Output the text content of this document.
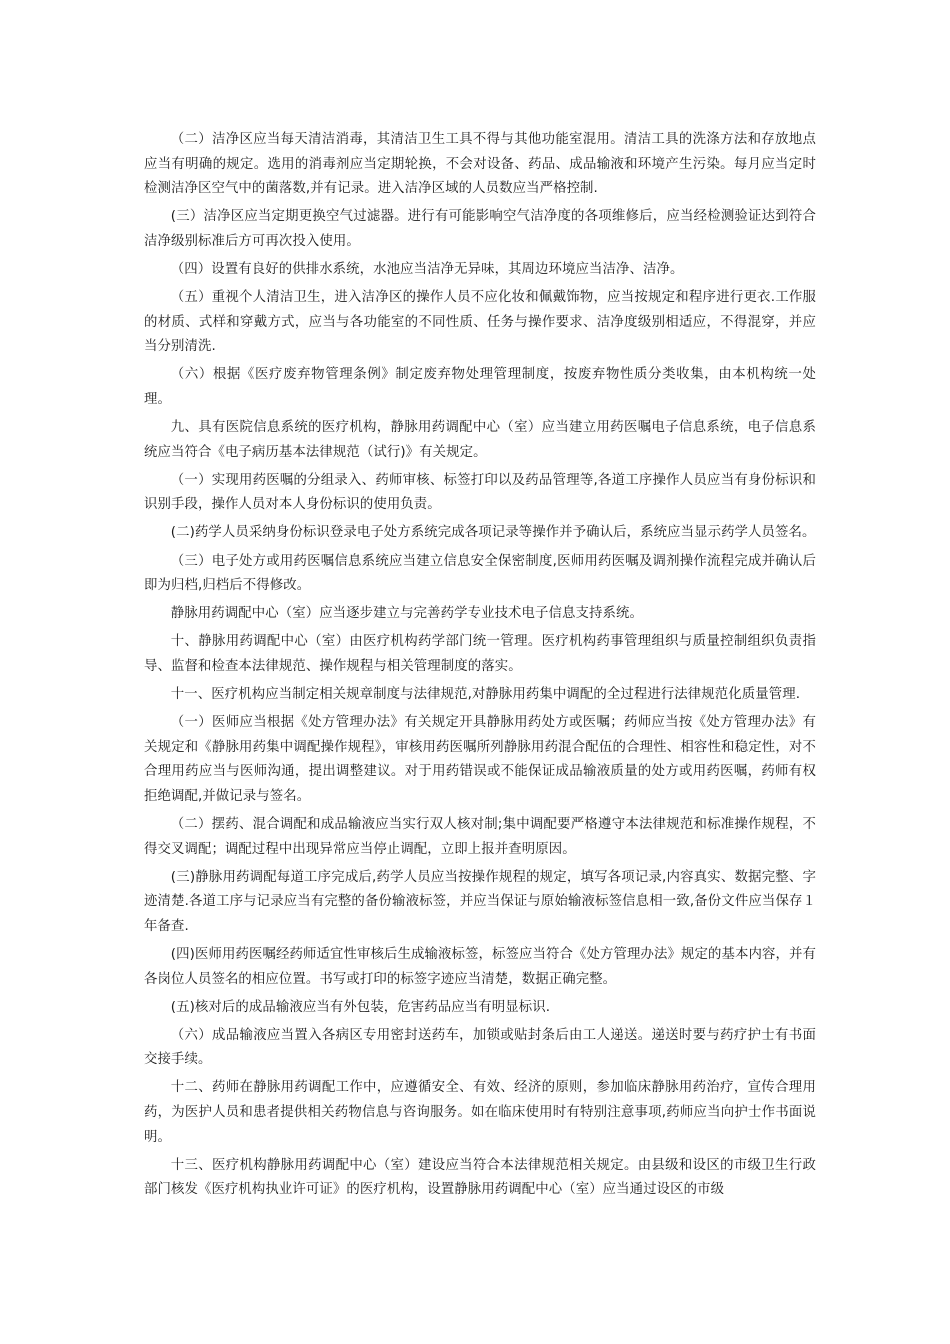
（二）洁净区应当每天清洁消毒，其清洁卫生工具不得与其他功能室混用。清洁工具的洗涤方法和存放地点应当有明确的规定。选用的消毒剂应当定期轮换，不会对设备、药品、成品输液和环境产生污染。每月应当定时检测洁净区空气中的菌落数,并有记录。进入洁净区域的人员数应当严格控制.

(三）洁净区应当定期更换空气过滤器。进行有可能影响空气洁净度的各项维修后，应当经检测验证达到符合洁净级别标准后方可再次投入使用。

（四）设置有良好的供排水系统，水池应当洁净无异味，其周边环境应当洁净、洁净。

（五）重视个人清洁卫生，进入洁净区的操作人员不应化妆和佩戴饰物，应当按规定和程序进行更衣.工作服的材质、式样和穿戴方式，应当与各功能室的不同性质、任务与操作要求、洁净度级别相适应，不得混穿，并应当分别清洗.

（六）根据《医疗废弃物管理条例》制定废弃物处理管理制度，按废弃物性质分类收集，由本机构统一处理。

九、具有医院信息系统的医疗机构，静脉用药调配中心（室）应当建立用药医嘱电子信息系统，电子信息系统应当符合《电子病历基本法律规范（试行)》有关规定。

（一）实现用药医嘱的分组录入、药师审核、标签打印以及药品管理等,各道工序操作人员应当有身份标识和识别手段，操作人员对本人身份标识的使用负责。

(二)药学人员采纳身份标识登录电子处方系统完成各项记录等操作并予确认后，系统应当显示药学人员签名。

（三）电子处方或用药医嘱信息系统应当建立信息安全保密制度,医师用药医嘱及调剂操作流程完成并确认后即为归档,归档后不得修改。

静脉用药调配中心（室）应当逐步建立与完善药学专业技术电子信息支持系统。

十、静脉用药调配中心（室）由医疗机构药学部门统一管理。医疗机构药事管理组织与质量控制组织负责指导、监督和检查本法律规范、操作规程与相关管理制度的落实。

十一、医疗机构应当制定相关规章制度与法律规范,对静脉用药集中调配的全过程进行法律规范化质量管理.

（一）医师应当根据《处方管理办法》有关规定开具静脉用药处方或医嘱；药师应当按《处方管理办法》有关规定和《静脉用药集中调配操作规程》，审核用药医嘱所列静脉用药混合配伍的合理性、相容性和稳定性，对不合理用药应当与医师沟通，提出调整建议。对于用药错误或不能保证成品输液质量的处方或用药医嘱，药师有权拒绝调配,并做记录与签名。

（二）摆药、混合调配和成品输液应当实行双人核对制;集中调配要严格遵守本法律规范和标准操作规程，不得交叉调配；调配过程中出现异常应当停止调配，立即上报并查明原因。

(三)静脉用药调配每道工序完成后,药学人员应当按操作规程的规定，填写各项记录,内容真实、数据完整、字迹清楚.各道工序与记录应当有完整的备份输液标签，并应当保证与原始输液标签信息相一致,备份文件应当保存１年备查.

(四)医师用药医嘱经药师适宜性审核后生成输液标签，标签应当符合《处方管理办法》规定的基本内容，并有各岗位人员签名的相应位置。书写或打印的标签字迹应当清楚，数据正确完整。

(五)核对后的成品输液应当有外包装，危害药品应当有明显标识.

（六）成品输液应当置入各病区专用密封送药车，加锁或贴封条后由工人递送。递送时要与药疗护士有书面交接手续。

十二、药师在静脉用药调配工作中，应遵循安全、有效、经济的原则，参加临床静脉用药治疗，宣传合理用药，为医护人员和患者提供相关药物信息与咨询服务。如在临床使用时有特别注意事项,药师应当向护士作书面说明。

十三、医疗机构静脉用药调配中心（室）建设应当符合本法律规范相关规定。由县级和设区的市级卫生行政部门核发《医疗机构执业许可证》的医疗机构，设置静脉用药调配中心（室）应当通过设区的市级
